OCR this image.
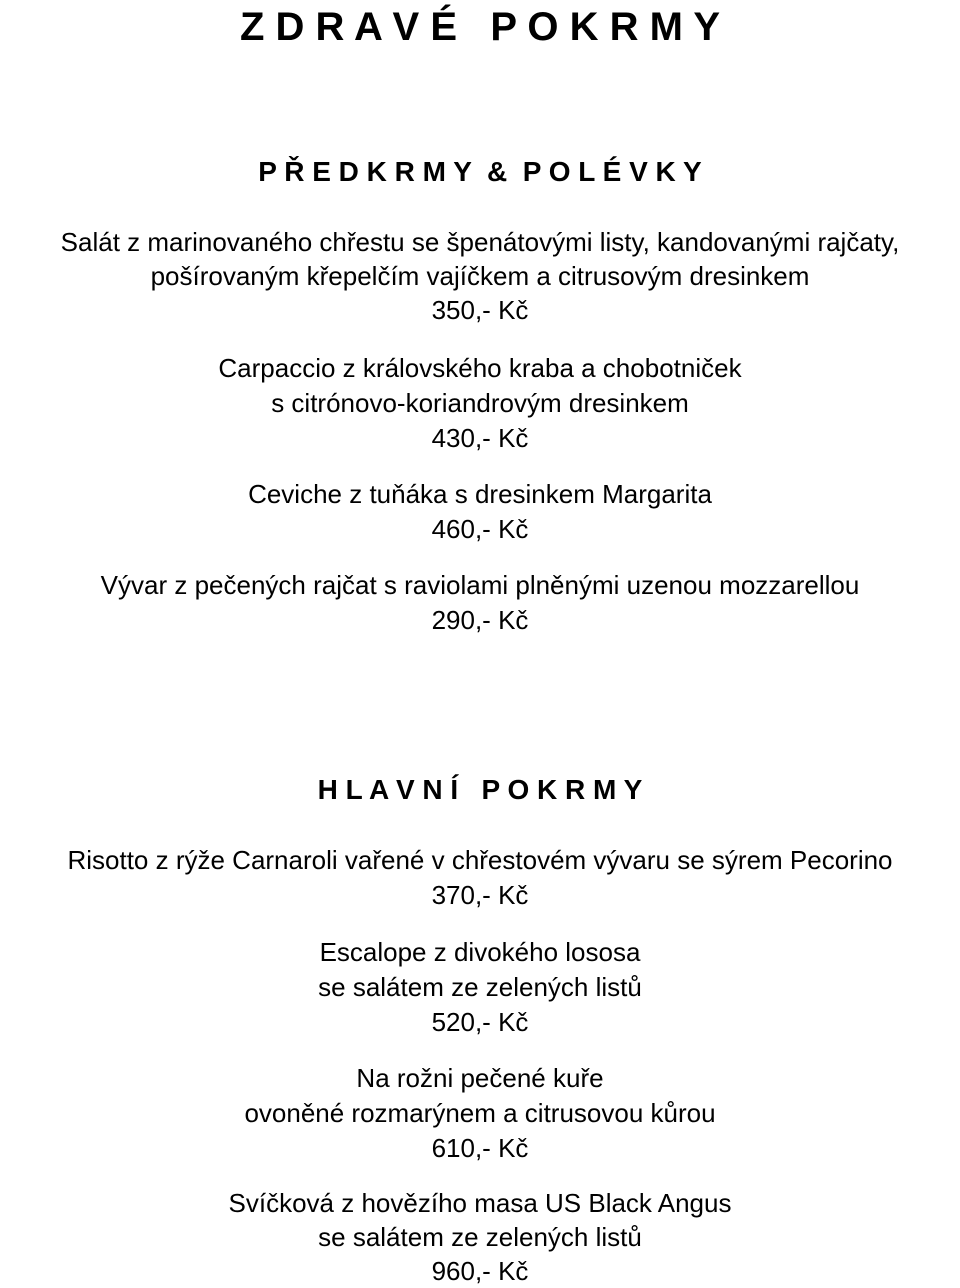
Z D R A V É   P O K R M Y
P Ř E D K R M Y  &  P O L É V K Y
Salát z marinovaného chřestu se špenátovými listy, kandovanými rajčaty,
pošírovaným křepelčím vajíčkem a citrusovým dresinkem
350,- Kč
Carpaccio z královského kraba a chobotniček
s citrónovo-koriandrovým dresinkem
430,- Kč
Ceviche z tuňáka s dresinkem Margarita
460,- Kč
Vývar z pečených rajčat s raviolami plněnými uzenou mozzarellou
290,- Kč
H L A V N Í   P O K R M Y
Risotto z rýže Carnaroli vařené v chřestovém vývaru se sýrem Pecorino
370,- Kč
Escalope z divokého lososa
se salátem ze zelených listů
520,- Kč
Na rožni pečené kuře
ovoněné rozmarýnem a citrusovou kůrou
610,- Kč
Svíčková z hovězího masa US Black Angus
se salátem ze zelených listů
960,- Kč
